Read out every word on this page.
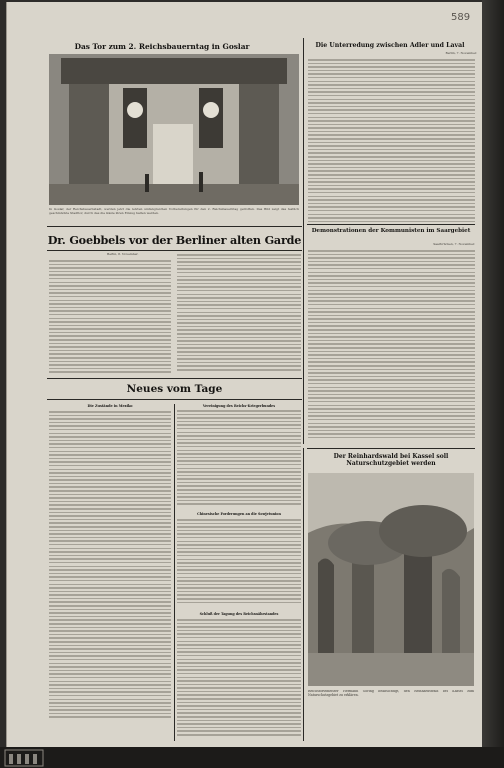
589
Das Tor zum 2. Reichsbauerntag in Goslar
In Goslar, der Reichsbauernstadt, werden jetzt die letzten umfangreichen Vorbereitungen für den 2. Reichsbauerntag getroffen. Das Bild zeigt das festlich geschmückte Stadttor, durch das die Gäste ihren Einzug halten werden.
Die Unterredung zwischen Adler und Laval
Berlin, 7. November.

Dr. Goebbels vor der Berliner alten Garde
Berlin, 8. November.

Demonstrationen der Kommunisten im Saargebiet
Saarbrücken, 7. November.

Neues vom Tage
Die Zustände in Mexiko	Vereinigung des Reichs-Kriegerbundes

Chinesische Forderungen an die Sowjetunion

Schluß der Tagung des Reichsnährstandes

Der Reinhardswald bei Kassel soll Naturschutzgebiet werden
Reichsforstmeister Hermann Göring beabsichtigt, den Reinhardswald bei Kassel zum Naturschutzgebiet zu erklären.
